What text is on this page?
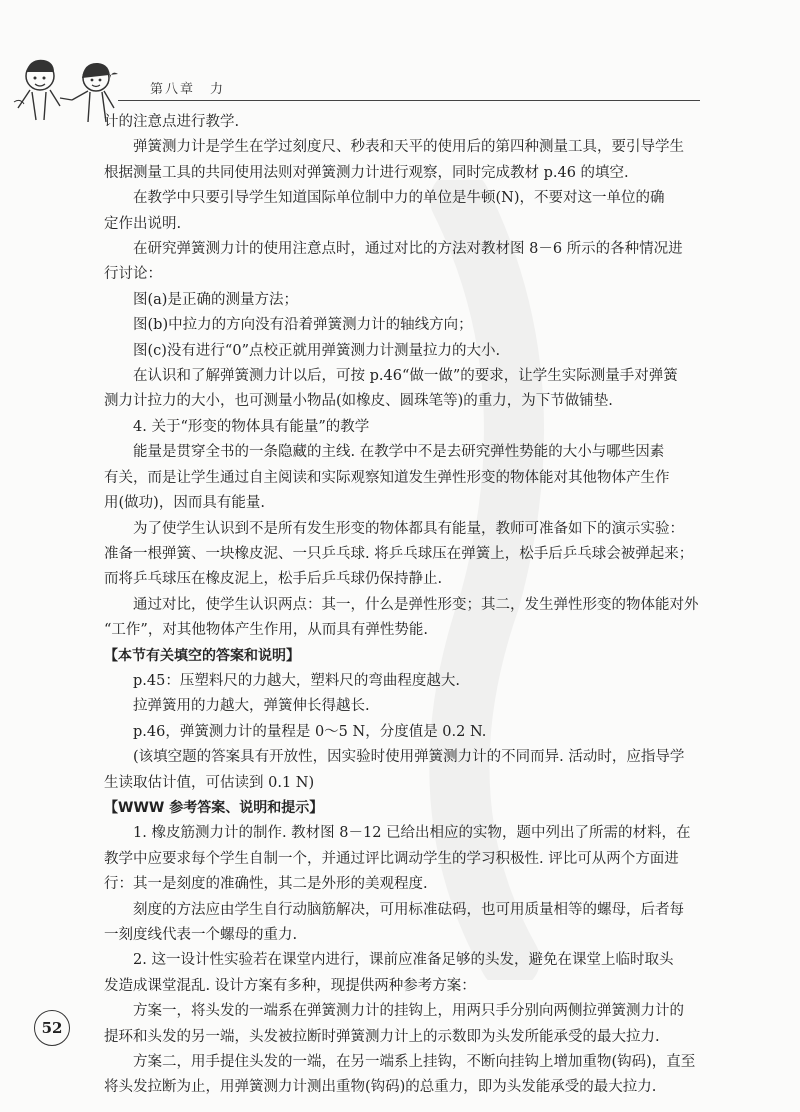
第八章　力
计的注意点进行教学.
弹簧测力计是学生在学过刻度尺、秒表和天平的使用后的第四种测量工具，要引导学生
根据测量工具的共同使用法则对弹簧测力计进行观察，同时完成教材 p.46 的填空.
在教学中只要引导学生知道国际单位制中力的单位是牛顿(N)，不要对这一单位的确
定作出说明.
在研究弹簧测力计的使用注意点时，通过对比的方法对教材图 8－6 所示的各种情况进
行讨论：
图(a)是正确的测量方法；
图(b)中拉力的方向没有沿着弹簧测力计的轴线方向；
图(c)没有进行“0”点校正就用弹簧测力计测量拉力的大小.
在认识和了解弹簧测力计以后，可按 p.46“做一做”的要求，让学生实际测量手对弹簧
测力计拉力的大小，也可测量小物品(如橡皮、圆珠笔等)的重力，为下节做铺垫.
4. 关于“形变的物体具有能量”的教学
能量是贯穿全书的一条隐藏的主线. 在教学中不是去研究弹性势能的大小与哪些因素
有关，而是让学生通过自主阅读和实际观察知道发生弹性形变的物体能对其他物体产生作
用(做功)，因而具有能量.
为了使学生认识到不是所有发生形变的物体都具有能量，教师可准备如下的演示实验：
准备一根弹簧、一块橡皮泥、一只乒乓球. 将乒乓球压在弹簧上，松手后乒乓球会被弹起来；
而将乒乓球压在橡皮泥上，松手后乒乓球仍保持静止.
通过对比，使学生认识两点：其一，什么是弹性形变；其二，发生弹性形变的物体能对外
“工作”，对其他物体产生作用，从而具有弹性势能.
【本节有关填空的答案和说明】
p.45：压塑料尺的力越大，塑料尺的弯曲程度越大.
拉弹簧用的力越大，弹簧伸长得越长.
p.46，弹簧测力计的量程是 0～5 N，分度值是 0.2 N.
(该填空题的答案具有开放性，因实验时使用弹簧测力计的不同而异. 活动时，应指导学
生读取估计值，可估读到 0.1 N)
【WWW 参考答案、说明和提示】
1. 橡皮筋测力计的制作. 教材图 8－12 已给出相应的实物，题中列出了所需的材料，在
教学中应要求每个学生自制一个，并通过评比调动学生的学习积极性. 评比可从两个方面进
行：其一是刻度的准确性，其二是外形的美观程度.
刻度的方法应由学生自行动脑筋解决，可用标准砝码，也可用质量相等的螺母，后者每
一刻度线代表一个螺母的重力.
2. 这一设计性实验若在课堂内进行，课前应准备足够的头发，避免在课堂上临时取头
发造成课堂混乱. 设计方案有多种，现提供两种参考方案：
方案一，将头发的一端系在弹簧测力计的挂钩上，用两只手分别向两侧拉弹簧测力计的
提环和头发的另一端，头发被拉断时弹簧测力计上的示数即为头发所能承受的最大拉力.
方案二，用手提住头发的一端，在另一端系上挂钩，不断向挂钩上增加重物(钩码)，直至
将头发拉断为止，用弹簧测力计测出重物(钩码)的总重力，即为头发能承受的最大拉力.
52
